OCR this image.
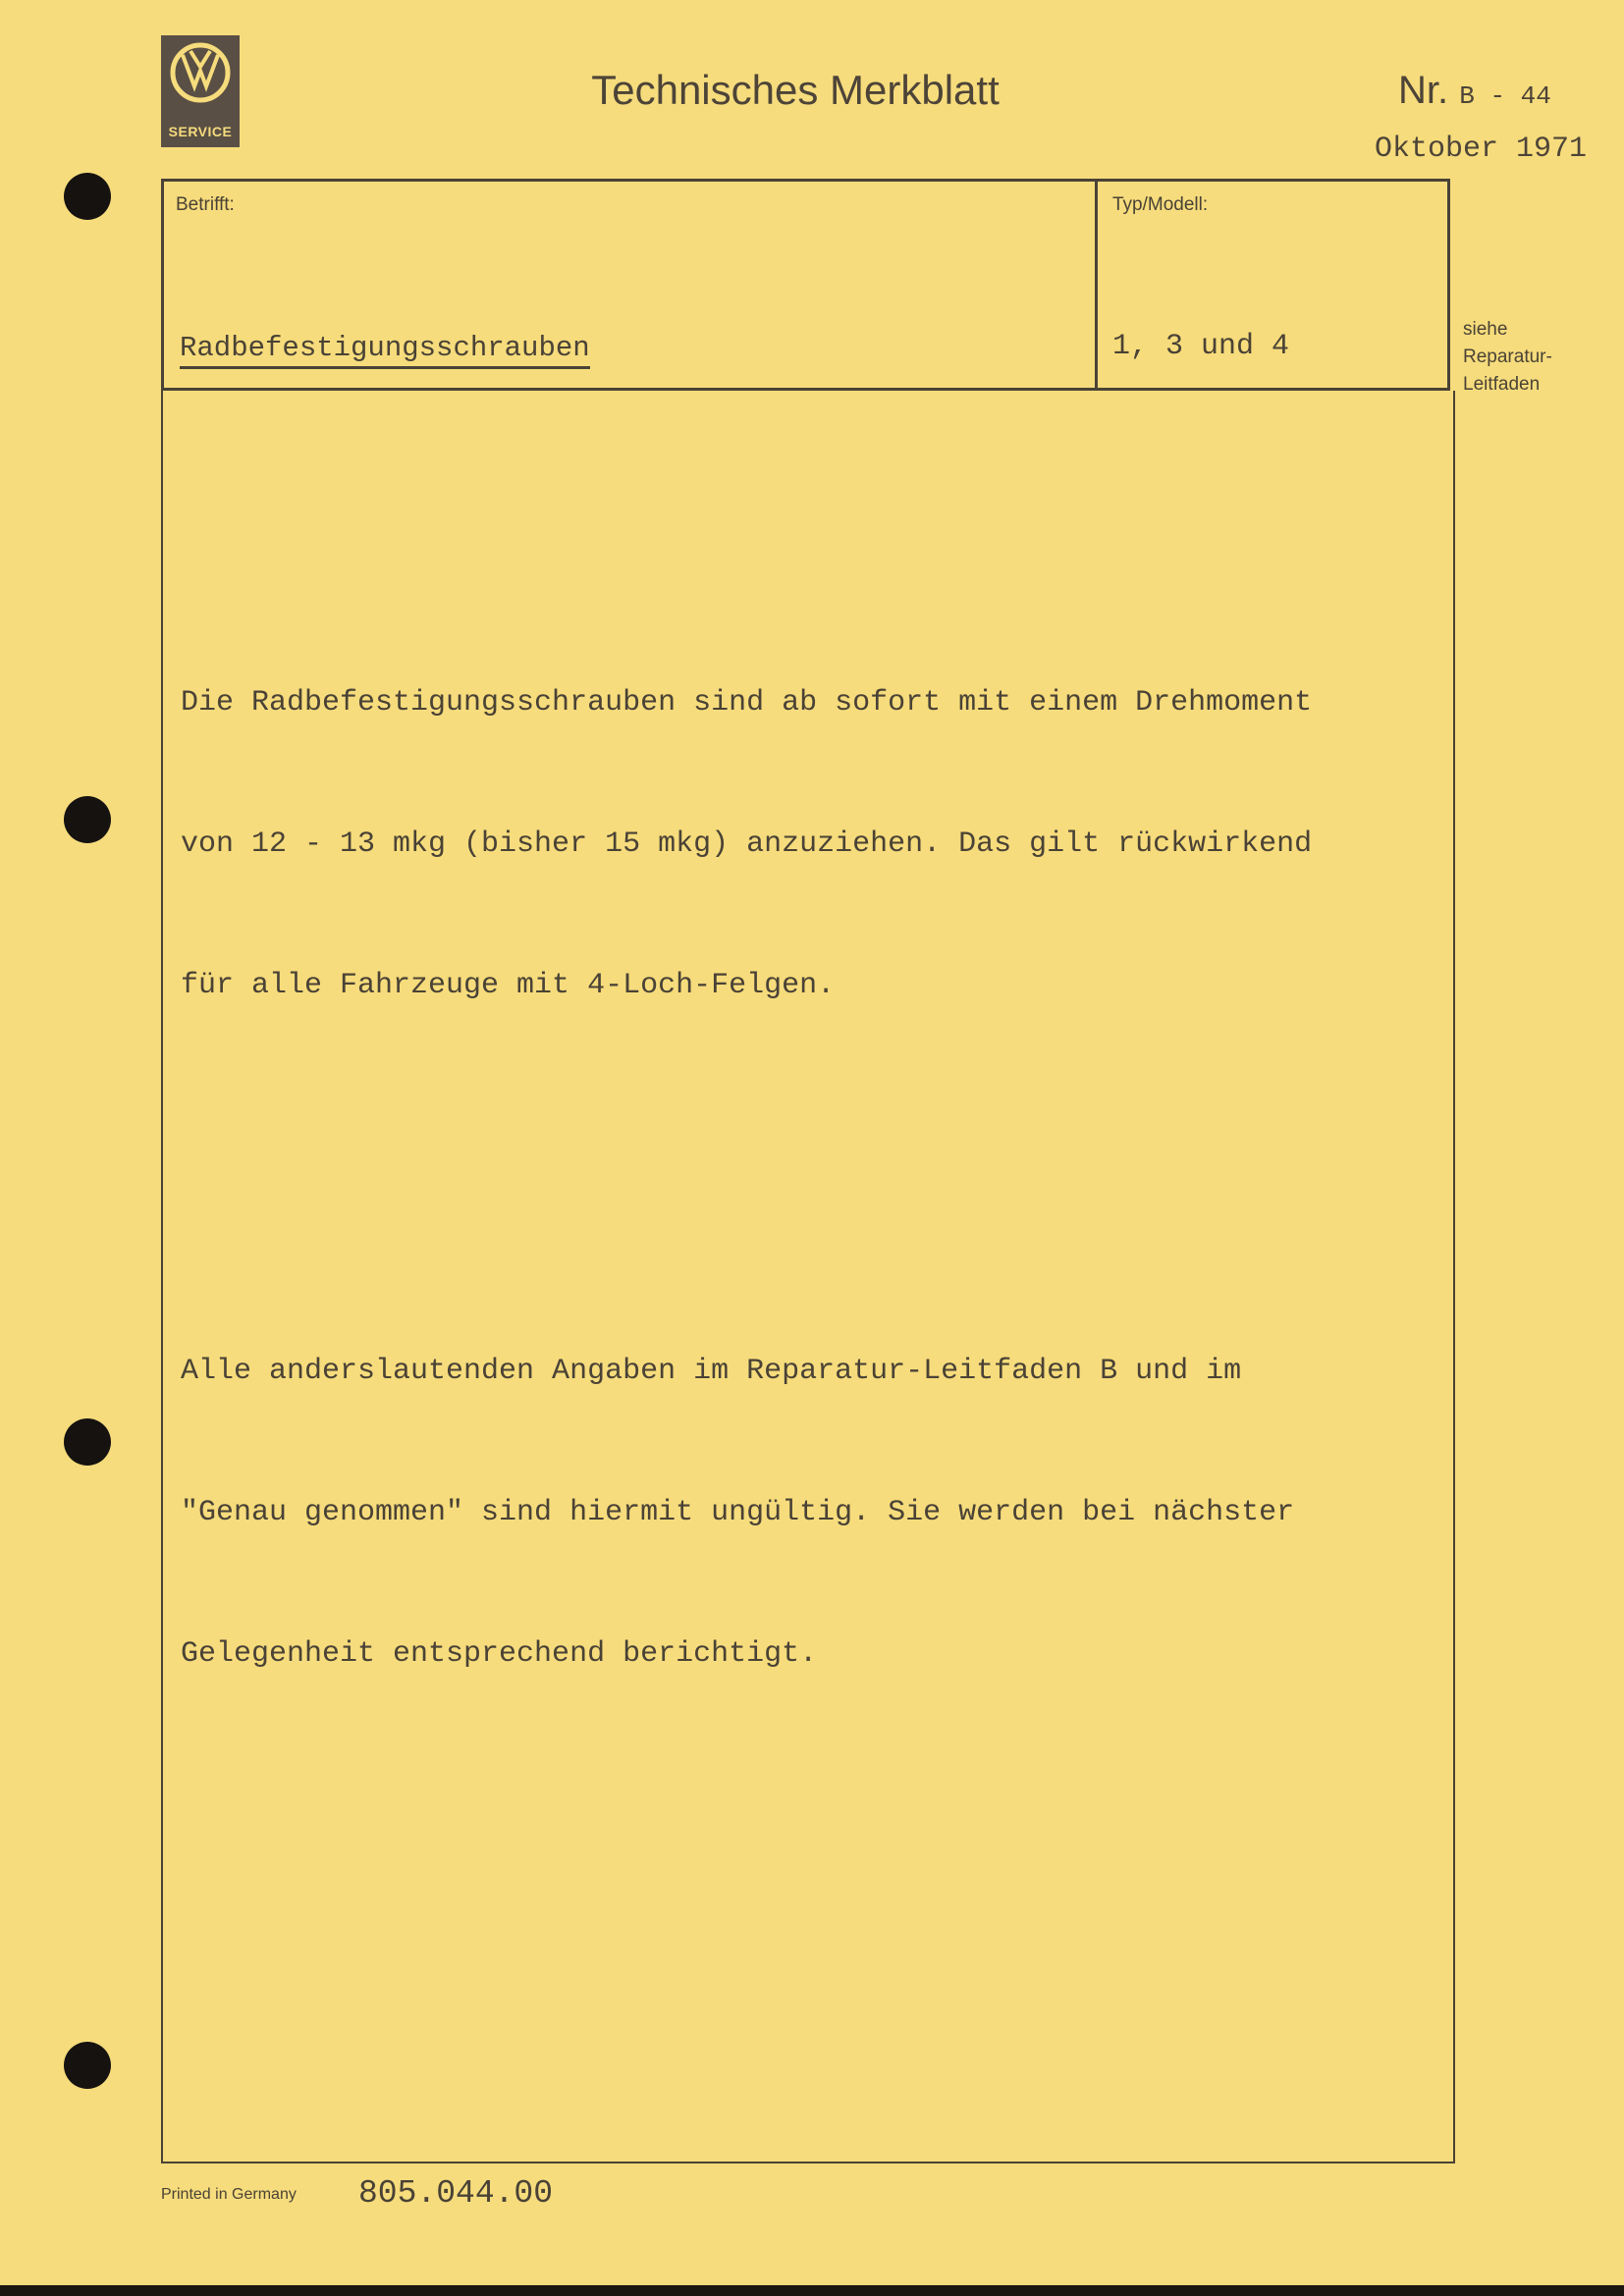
SERVICE
Technisches Merkblatt	Nr. B - 44
Oktober 1971
Betrifft:	Typ/Modell:
Radbefestigungsschrauben	1, 3 und 4
siehe
Reparatur-
Leitfaden

Die Radbefestigungsschrauben sind ab sofort mit einem Drehmoment

von 12 - 13 mkg (bisher 15 mkg) anzuziehen. Das gilt rückwirkend

für alle Fahrzeuge mit 4-Loch-Felgen.

Alle anderslautenden Angaben im Reparatur-Leitfaden B und im

"Genau genommen" sind hiermit ungültig. Sie werden bei nächster

Gelegenheit entsprechend berichtigt.

Printed in Germany 805.044.00
